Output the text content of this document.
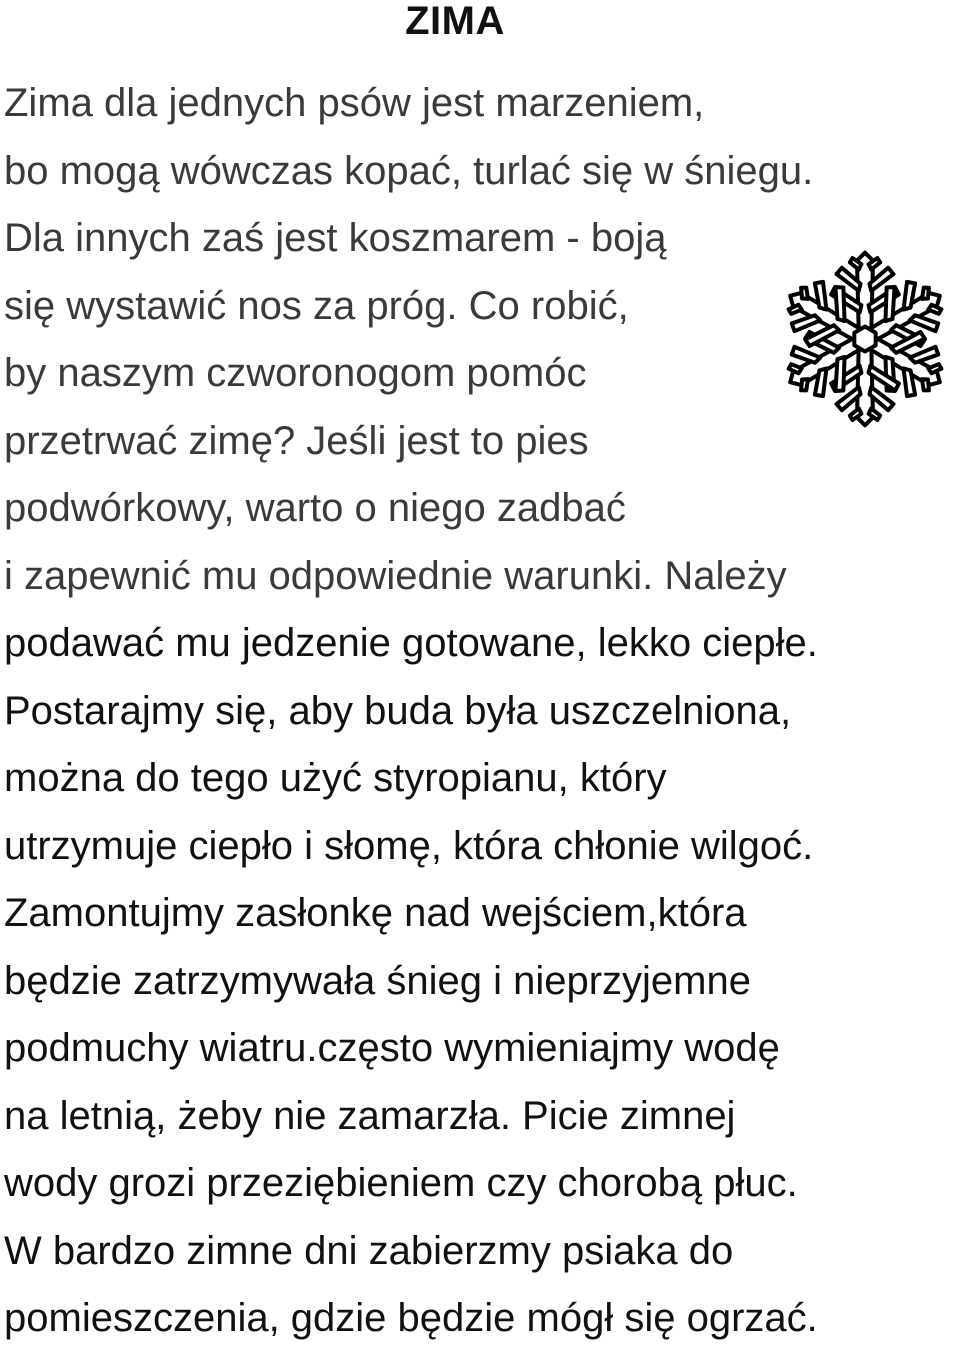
ZIMA
Zima dla jednych psów jest marzeniem,
bo mogą wówczas kopać, turlać się w śniegu.
Dla innych zaś jest koszmarem - boją
się wystawić nos za próg. Co robić,
by naszym czworonogom pomóc
przetrwać zimę? Jeśli jest to pies
podwórkowy, warto o niego zadbać
i zapewnić mu odpowiednie warunki. Należy
podawać mu jedzenie gotowane, lekko ciepłe.
Postarajmy się, aby buda była uszczelniona,
można do tego użyć styropianu, który
utrzymuje ciepło i słomę, która chłonie wilgoć.
Zamontujmy zasłonkę nad wejściem,która
będzie zatrzymywała śnieg i nieprzyjemne
podmuchy wiatru.często wymieniajmy wodę
na letnią, żeby nie zamarzła. Picie zimnej
wody grozi przeziębieniem czy chorobą płuc.
W bardzo zimne dni zabierzmy psiaka do
pomieszczenia, gdzie będzie mógł się ogrzać.
